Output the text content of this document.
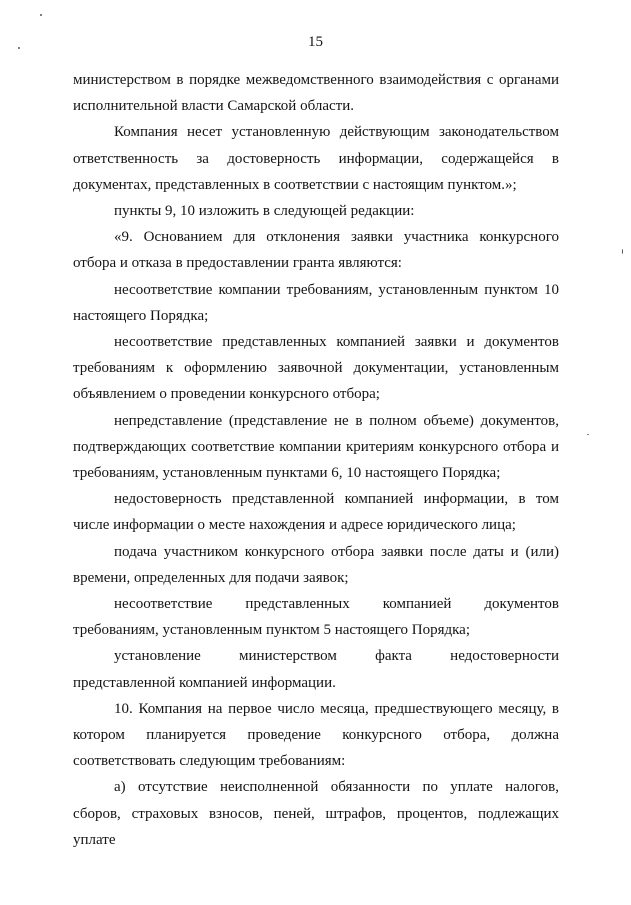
15

министерством в порядке межведомственного взаимодействия с органами исполнительной власти Самарской области.

Компания несет установленную действующим законодательством ответственность за достоверность информации, содержащейся в документах, представленных в соответствии с настоящим пунктом.»;

пункты 9, 10 изложить в следующей редакции:

«9. Основанием для отклонения заявки участника конкурсного отбора и отказа в предоставлении гранта являются:

несоответствие компании требованиям, установленным пунктом 10 настоящего Порядка;

несоответствие представленных компанией заявки и документов требованиям к оформлению заявочной документации, установленным объявлением о проведении конкурсного отбора;

непредставление (представление не в полном объеме) документов, подтверждающих соответствие компании критериям конкурсного отбора и требованиям, установленным пунктами 6, 10 настоящего Порядка;

недостоверность представленной компанией информации, в том числе информации о месте нахождения и адресе юридического лица;

подача участником конкурсного отбора заявки после даты и (или) времени, определенных для подачи заявок;

несоответствие представленных компанией документов требованиям, установленным пунктом 5 настоящего Порядка;

установление министерством факта недостоверности представленной компанией информации.

10. Компания на первое число месяца, предшествующего месяцу, в котором планируется проведение конкурсного отбора, должна соответствовать следующим требованиям:

а) отсутствие неисполненной обязанности по уплате налогов, сборов, страховых взносов, пеней, штрафов, процентов, подлежащих уплате
